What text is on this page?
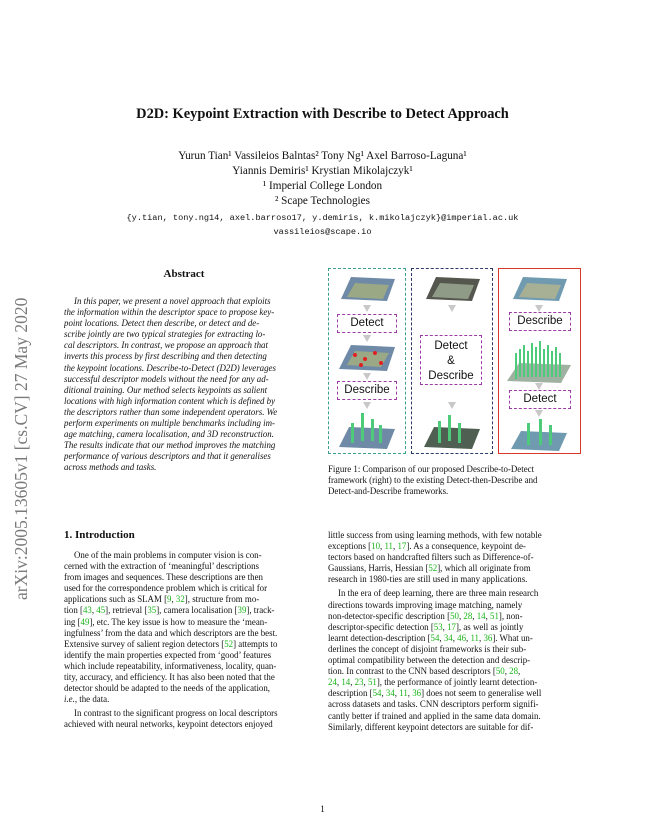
arXiv:2005.13605v1 [cs.CV] 27 May 2020
D2D: Keypoint Extraction with Describe to Detect Approach
Yurun Tian¹ Vassileios Balntas² Tony Ng¹ Axel Barroso-Laguna¹
Yiannis Demiris¹ Krystian Mikolajczyk¹
¹ Imperial College London
² Scape Technologies
{y.tian, tony.ng14, axel.barroso17, y.demiris, k.mikolajczyk}@imperial.ac.uk
vassileios@scape.io
Abstract
In this paper, we present a novel approach that exploits
the information within the descriptor space to propose key-
point locations. Detect then describe, or detect and de-
scribe jointly are two typical strategies for extracting lo-
cal descriptors. In contrast, we propose an approach that
inverts this process by first describing and then detecting
the keypoint locations. Describe-to-Detect (D2D) leverages
successful descriptor models without the need for any ad-
ditional training. Our method selects keypoints as salient
locations with high information content which is defined by
the descriptors rather than some independent operators. We
perform experiments on multiple benchmarks including im-
age matching, camera localisation, and 3D reconstruction.
The results indicate that our method improves the matching
performance of various descriptors and that it generalises
across methods and tasks.
Detect
Describe
Detect
&
Describe
Describe
Detect
Figure 1: Comparison of our proposed Describe-to-Detect
framework (right) to the existing Detect-then-Describe and
Detect-and-Describe frameworks.
1. Introduction
One of the main problems in computer vision is con-
cerned with the extraction of ‘meaningful’ descriptions
from images and sequences. These descriptions are then
used for the correspondence problem which is critical for
applications such as SLAM [9, 32], structure from mo-
tion [43, 45], retrieval [35], camera localisation [39], track-
ing [49], etc. The key issue is how to measure the ‘mean-
ingfulness’ from the data and which descriptors are the best.
Extensive survey of salient region detectors [52] attempts to
identify the main properties expected from ‘good’ features
which include repeatability, informativeness, locality, quan-
tity, accuracy, and efficiency. It has also been noted that the
detector should be adapted to the needs of the application,
i.e., the data.
In contrast to the significant progress on local descriptors
achieved with neural networks, keypoint detectors enjoyed
little success from using learning methods, with few notable
exceptions [10, 11, 17]. As a consequence, keypoint de-
tectors based on handcrafted filters such as Difference-of-
Gaussians, Harris, Hessian [52], which all originate from
research in 1980-ties are still used in many applications.
In the era of deep learning, there are three main research
directions towards improving image matching, namely
non-detector-specific description [50, 28, 14, 51], non-
descriptor-specific detection [53, 17], as well as jointly
learnt detection-description [54, 34, 46, 11, 36]. What un-
derlines the concept of disjoint frameworks is their sub-
optimal compatibility between the detection and descrip-
tion. In contrast to the CNN based descriptors [50, 28,
24, 14, 23, 51], the performance of jointly learnt detection-
description [54, 34, 11, 36] does not seem to generalise well
across datasets and tasks. CNN descriptors perform signifi-
cantly better if trained and applied in the same data domain.
Similarly, different keypoint detectors are suitable for dif-
1
